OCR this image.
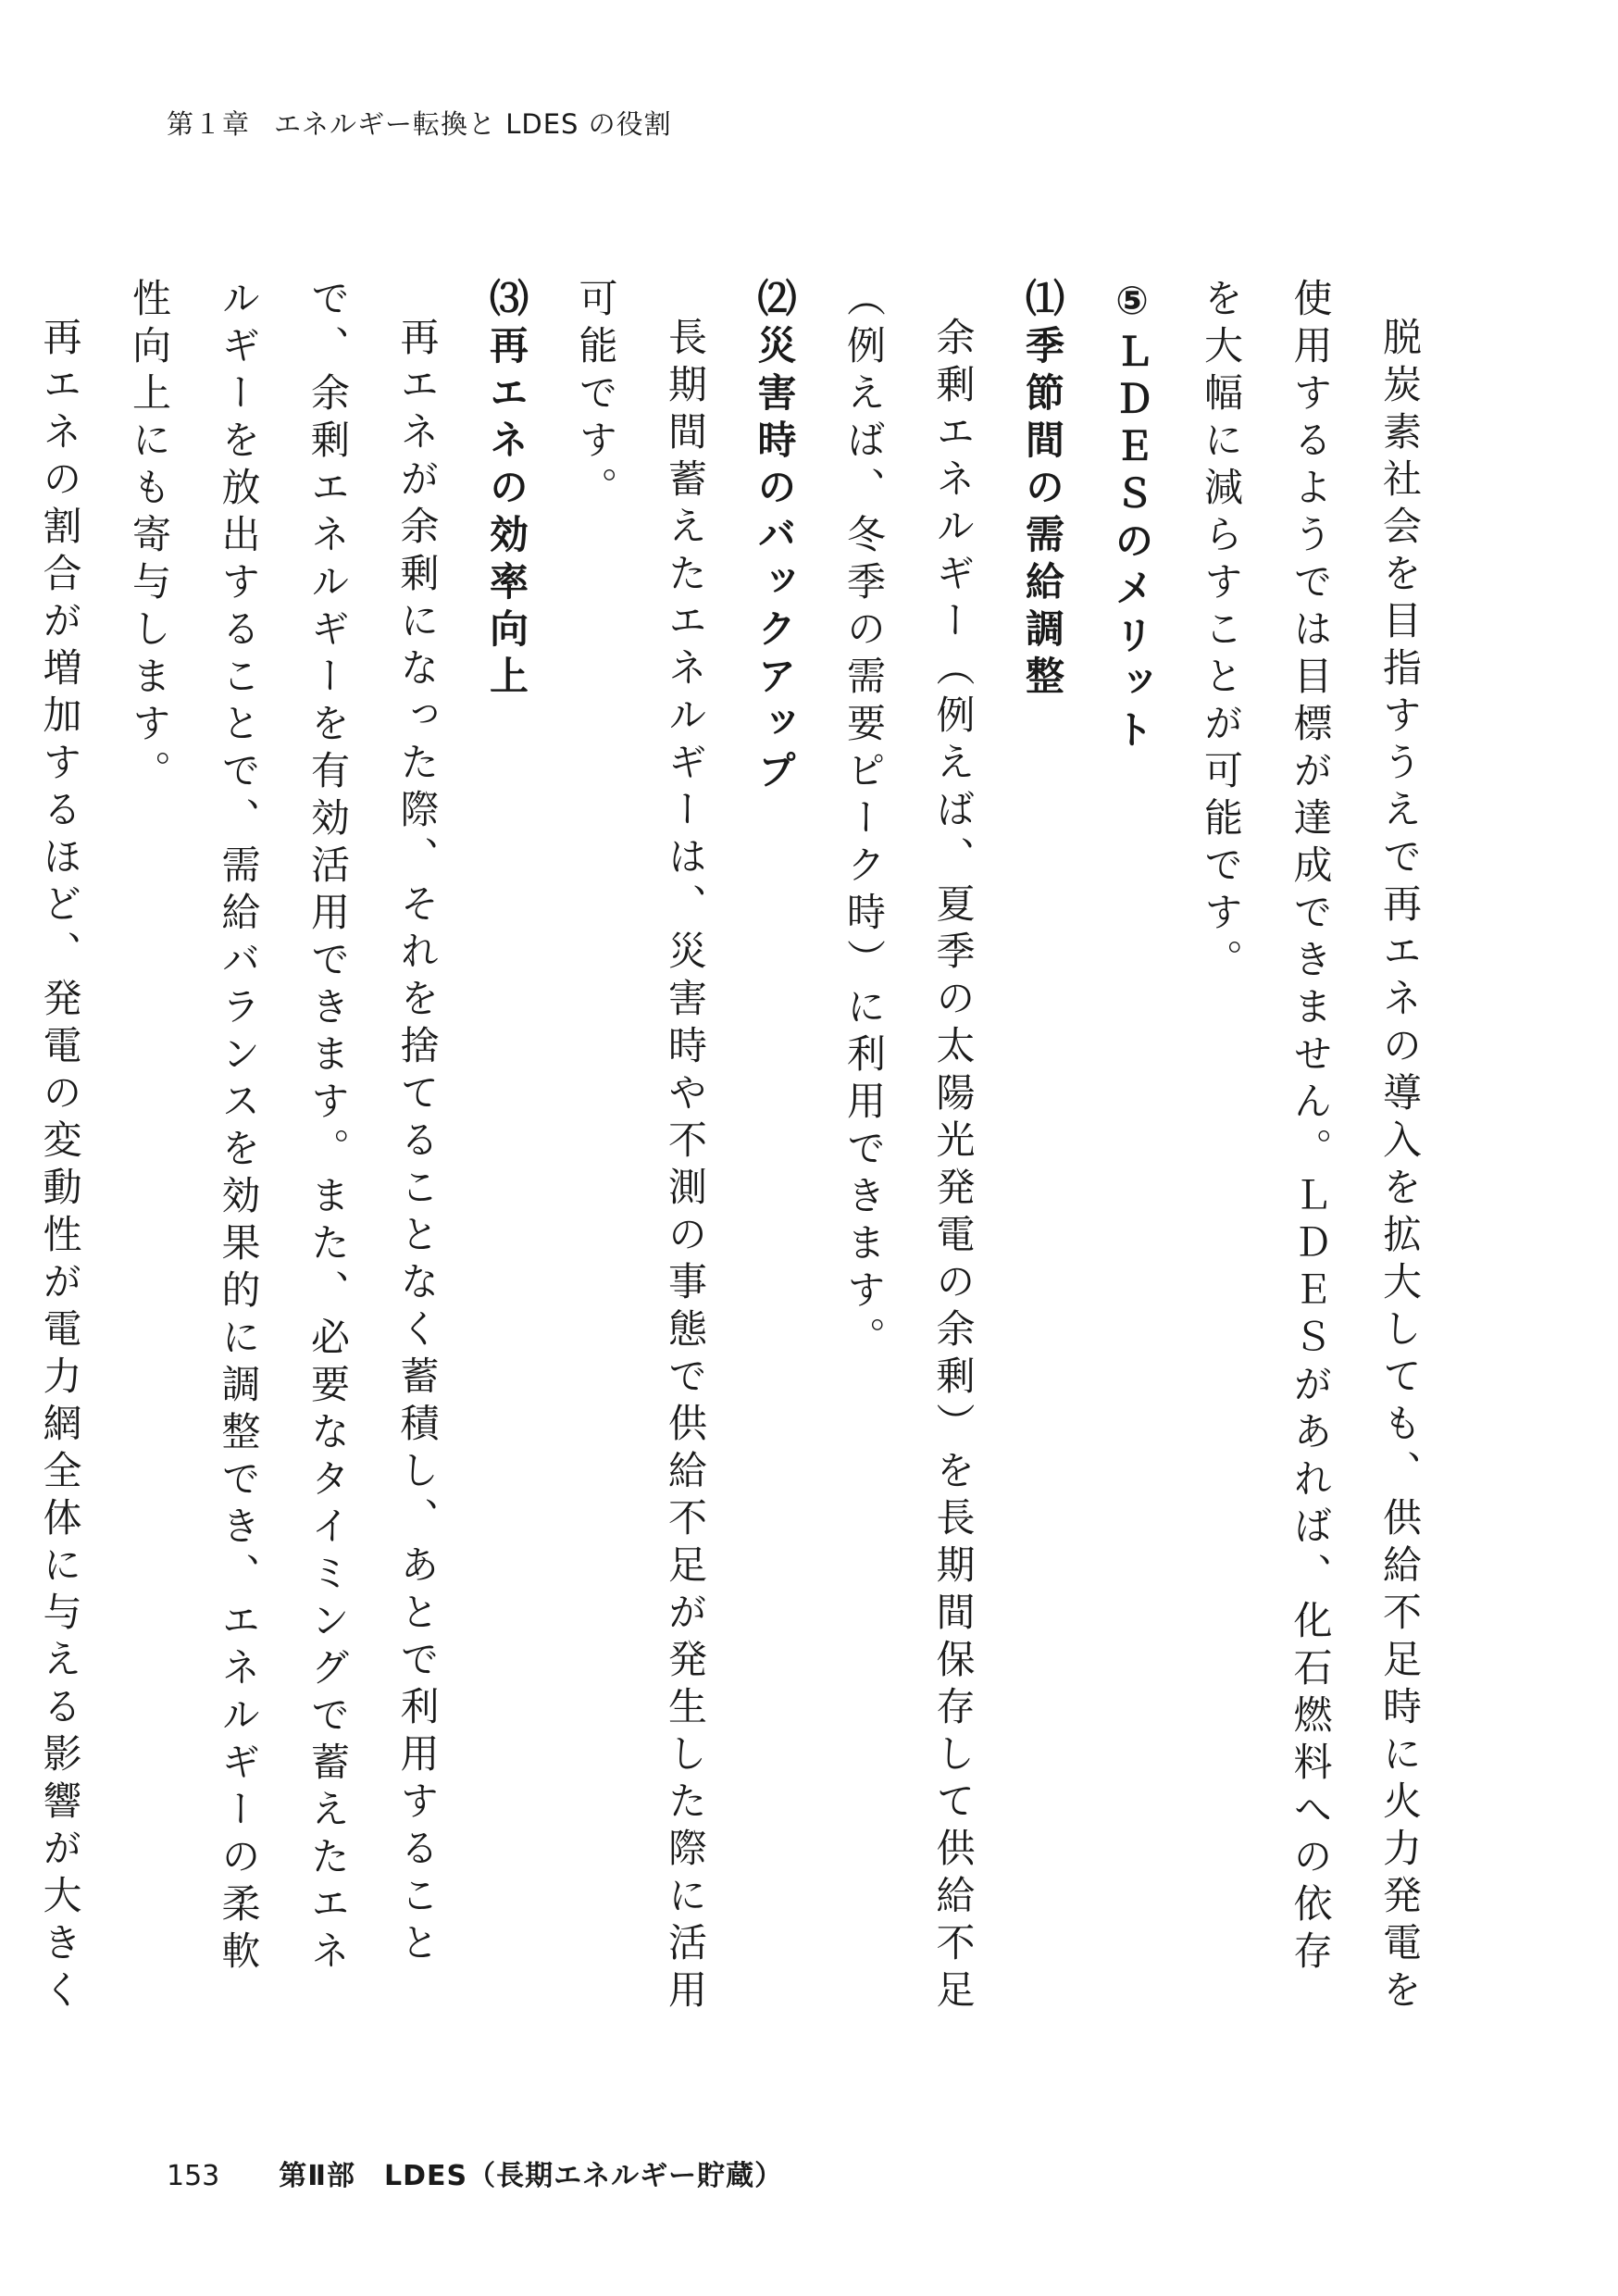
第１章 エネルギー転換と LDES の役割

脱炭素社会を目指すうえで再エネの導入を拡大しても、供給不足時に火力発電を使用するようでは目標が達成できません。ＬＤＥＳがあれば、化石燃料への依存を大幅に減らすことが可能です。

⑤ＬＤＥＳのメリット

⑴季節間の需給調整

余剰エネルギー（例えば、夏季の太陽光発電の余剰）を長期間保存して供給不足（例えば、冬季の需要ピーク時）に利用できます。

⑵災害時のバックアップ

長期間蓄えたエネルギーは、災害時や不測の事態で供給不足が発生した際に活用可能です。

⑶再エネの効率向上

再エネが余剰になった際、それを捨てることなく蓄積し、あとで利用することで、余剰エネルギーを有効活用できます。また、必要なタイミングで蓄えたエネルギーを放出することで、需給バランスを効果的に調整でき、エネルギーの柔軟性向上にも寄与します。

再エネの割合が増加するほど、発電の変動性が電力網全体に与える影響が大きく

153 第Ⅱ部　LDES（長期エネルギー貯蔵）
